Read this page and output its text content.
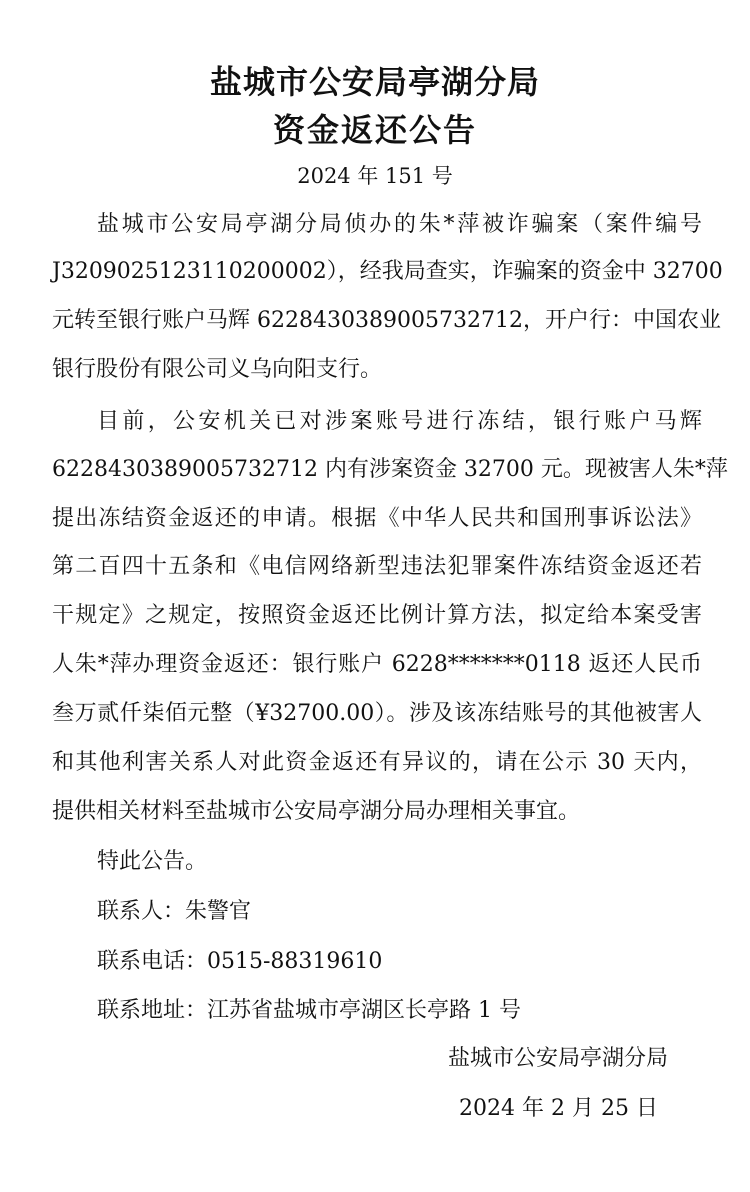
盐城市公安局亭湖分局
资金返还公告
2024 年 151 号
盐城市公安局亭湖分局侦办的朱*萍被诈骗案（案件编号
J3209025123110200002），经我局查实，诈骗案的资金中 32700
元转至银行账户马辉 6228430389005732712，开户行：中国农业
银行股份有限公司义乌向阳支行。
目前，公安机关已对涉案账号进行冻结，银行账户马辉
6228430389005732712 内有涉案资金 32700 元。现被害人朱*萍
提出冻结资金返还的申请。根据《中华人民共和国刑事诉讼法》
第二百四十五条和《电信网络新型违法犯罪案件冻结资金返还若
干规定》之规定，按照资金返还比例计算方法，拟定给本案受害
人朱*萍办理资金返还：银行账户 6228*******0118 返还人民币
叁万贰仟柒佰元整（¥32700.00）。涉及该冻结账号的其他被害人
和其他利害关系人对此资金返还有异议的，请在公示 30 天内，
提供相关材料至盐城市公安局亭湖分局办理相关事宜。
特此公告。
联系人：朱警官
联系电话：0515-88319610
联系地址：江苏省盐城市亭湖区长亭路 1 号
盐城市公安局亭湖分局
2024 年 2 月 25 日
